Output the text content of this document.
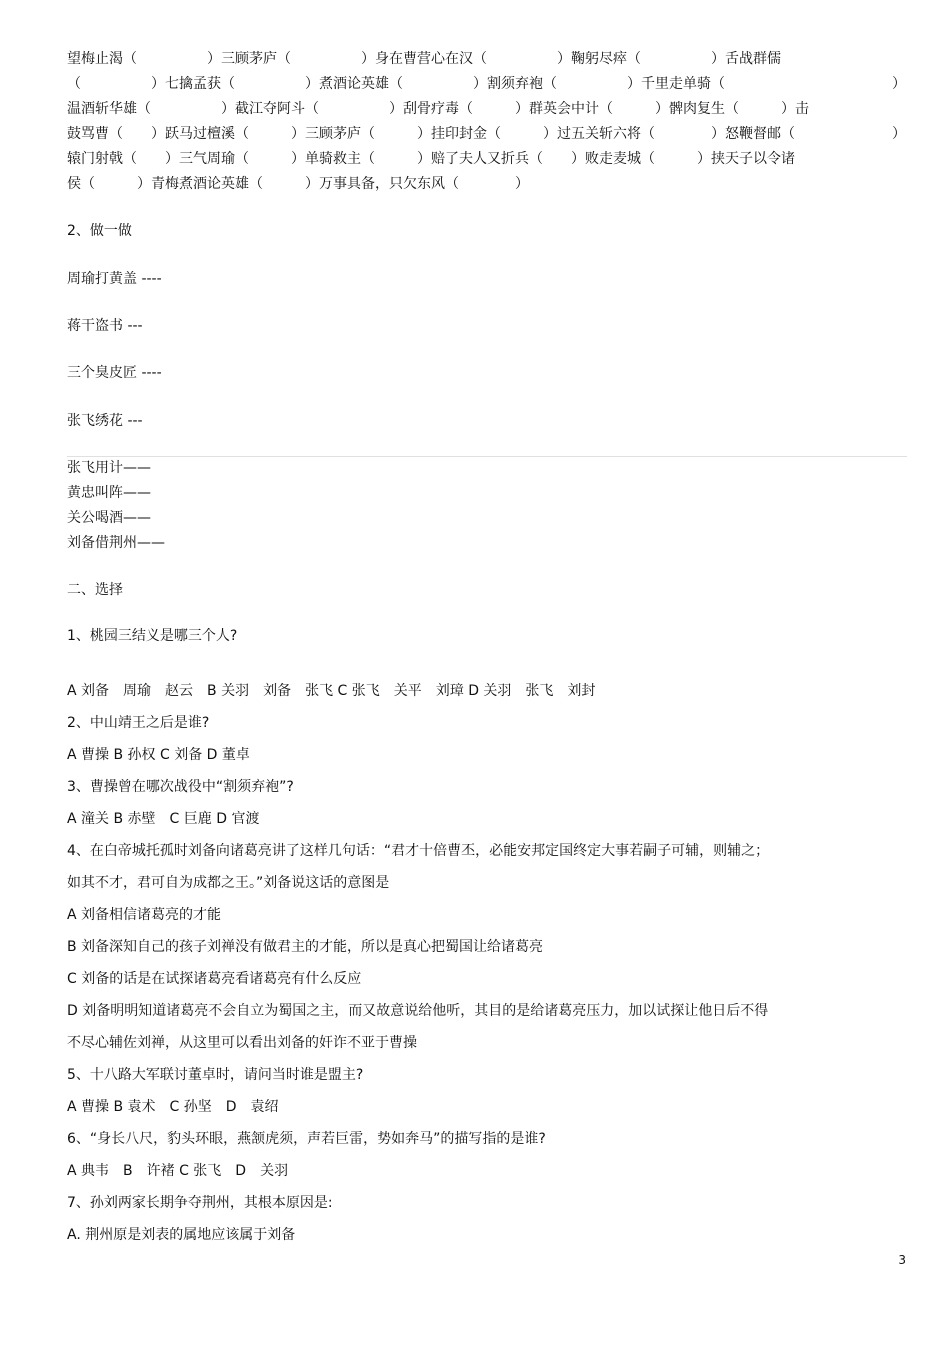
望梅止渴（　　　　　）三顾茅庐（　　　　　）身在曹营心在汉（　　　　　）鞠躬尽瘁（　　　　　）舌战群儒
（　　　　　）七擒孟获（　　　　　）煮酒论英雄（　　　　　）割须弃袍（　　　　　）千里走单骑（	）
温酒斩华雄（　　　　　）截江夺阿斗（　　　　　）刮骨疗毒（　　　）群英会中计（　　　）髀肉复生（　　　）击
鼓骂曹（　　）跃马过檀溪（　　　）三顾茅庐（　　　）挂印封金（　　　）过五关斩六将（　　　　）怒鞭督邮（	）
辕门射戟（　　）三气周瑜（　　　）单骑救主（　　　）赔了夫人又折兵（　　）败走麦城（　　　）挟天子以令诸
侯（　　　）青梅煮酒论英雄（　　　）万事具备，只欠东风（　　　　）
2、做一做
周瑜打黄盖 ----
蒋干盗书 ---
三个臭皮匠 ----
张飞绣花 ---
张飞用计——
黄忠叫阵——
关公喝酒——
刘备借荆州——
二、选择
1、桃园三结义是哪三个人?
A 刘备　周瑜　赵云　B 关羽　刘备　张飞 C 张飞　关平　刘璋 D 关羽　张飞　刘封
2、中山靖王之后是谁?
A 曹操 B 孙权 C 刘备 D 董卓
3、曹操曾在哪次战役中“割须弃袍”?
A 潼关 B 赤壁　C 巨鹿 D 官渡
4、在白帝城托孤时刘备向诸葛亮讲了这样几句话：“君才十倍曹丕，必能安邦定国终定大事若嗣子可辅，则辅之；
如其不才，君可自为成都之王。”刘备说这话的意图是
A 刘备相信诸葛亮的才能
B 刘备深知自己的孩子刘禅没有做君主的才能，所以是真心把蜀国让给诸葛亮
C 刘备的话是在试探诸葛亮看诸葛亮有什么反应
D 刘备明明知道诸葛亮不会自立为蜀国之主，而又故意说给他听，其目的是给诸葛亮压力，加以试探让他日后不得
不尽心辅佐刘禅，从这里可以看出刘备的奸诈不亚于曹操
5、十八路大军联讨董卓时，请问当时谁是盟主?
A 曹操 B 袁术　C 孙坚　D　袁绍
6、“身长八尺，豹头环眼，燕颔虎须，声若巨雷，势如奔马”的描写指的是谁?
A 典韦　B　许褚 C 张飞　D　关羽
7、孙刘两家长期争夺荆州，其根本原因是:
A. 荆州原是刘表的属地应该属于刘备
3
